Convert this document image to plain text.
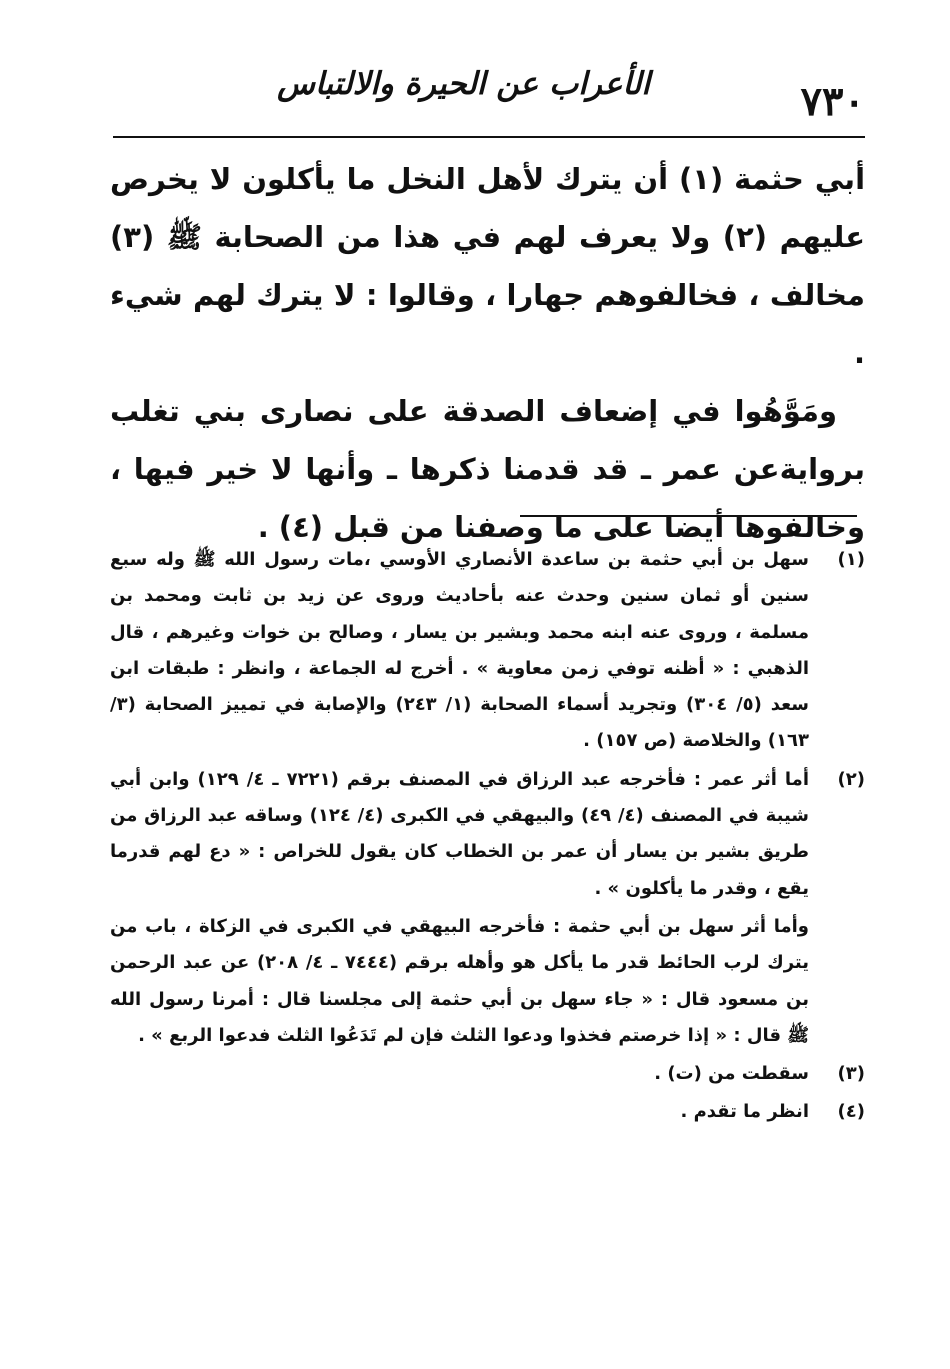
٧٣٠
الأعراب عن الحيرة والالتباس

أبي حثمة (١) أن يترك لأهل النخل ما يأكلون لا يخرص عليهم (٢) ولا يعرف لهم في هذا من الصحابة ﷺ (٣) مخالف ، فخالفوهم جهارا ، وقالوا : لا يترك لهم شيء .

ومَوَّهُوا في إضعاف الصدقة على نصارى بني تغلب بروايةعن عمر ـ قد قدمنا ذكرها ـ وأنها لا خير فيها ، وخالفوها أيضا على ما وصفنا من قبل (٤) .

(١)

سهل بن أبي حثمة بن ساعدة الأنصاري الأوسي ،مات رسول الله ﷺ وله سبع سنين أو ثمان سنين وحدث عنه بأحاديث وروى عن زيد بن ثابت ومحمد بن مسلمة ، وروى عنه ابنه محمد وبشير بن يسار ، وصالح بن خوات وغيرهم ، قال الذهبي : « أظنه توفي زمن معاوية » . أخرج له الجماعة ، وانظر : طبقات ابن سعد (٥/ ٣٠٤) وتجريد أسماء الصحابة (١/ ٢٤٣) والإصابة في تمييز الصحابة (٣/ ١٦٣) والخلاصة (ص ١٥٧) .

(٢)

أما أثر عمر : فأخرجه عبد الرزاق في المصنف برقم (٧٢٢١ ـ ٤/ ١٢٩) وابن أبي شيبة في المصنف (٤/ ٤٩) والبيهقي في الكبرى (٤/ ١٢٤) وساقه عبد الرزاق من طريق بشير بن يسار أن عمر بن الخطاب كان يقول للخراص : « دع لهم قدرما يقع ، وقدر ما يأكلون » .

وأما أثر سهل بن أبي حثمة : فأخرجه البيهقي في الكبرى في الزكاة ، باب من يترك لرب الحائط قدر ما يأكل هو وأهله برقم (٧٤٤٤ ـ ٤/ ٢٠٨) عن عبد الرحمن بن مسعود قال : « جاء سهل بن أبي حثمة إلى مجلسنا قال : أمرنا رسول الله ﷺ قال : « إذا خرصتم فخذوا ودعوا الثلث فإن لم تَدَعُوا الثلث فدعوا الربع » .

(٣)

سقطت من (ت) .

(٤)

انظر ما تقدم .
